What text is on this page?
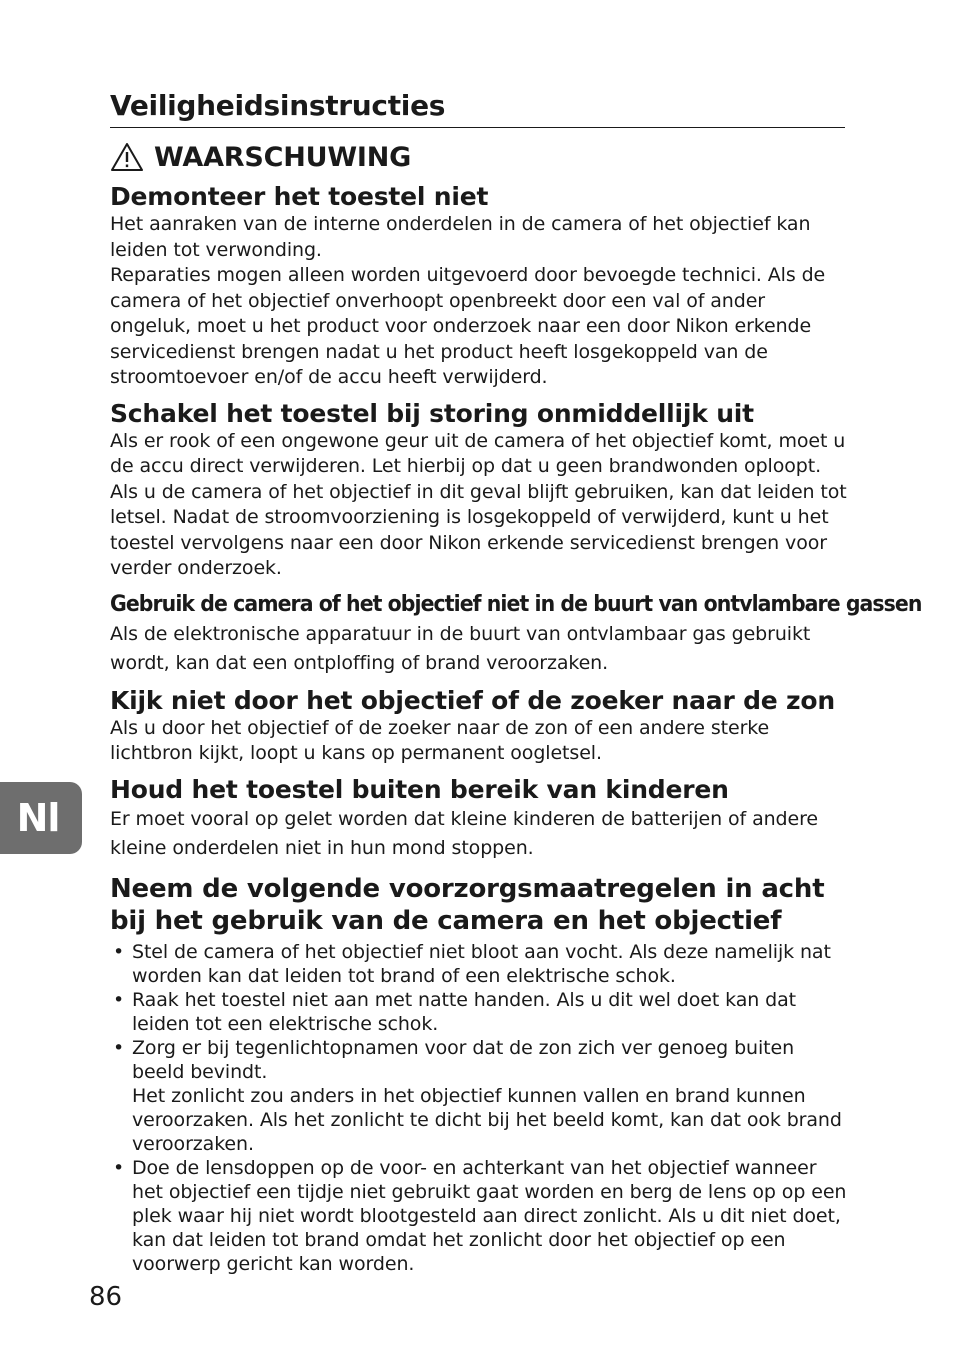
Veiligheidsinstructies
WAARSCHUWING
Demonteer het toestel niet

Het aanraken van de interne onderdelen in de camera of het objectief kan leiden tot verwonding.

Reparaties mogen alleen worden uitgevoerd door bevoegde technici. Als de camera of het objectief onverhoopt openbreekt door een val of ander ongeluk, moet u het product voor onderzoek naar een door Nikon erkende servicedienst brengen nadat u het product heeft losgekoppeld van de stroomtoevoer en/of de accu heeft verwijderd.

Schakel het toestel bij storing onmiddellijk uit

Als er rook of een ongewone geur uit de camera of het objectief komt, moet u de accu direct verwijderen. Let hierbij op dat u geen brandwonden oploopt. Als u de camera of het objectief in dit geval blijft gebruiken, kan dat leiden tot letsel. Nadat de stroomvoorziening is losgekoppeld of verwijderd, kunt u het toestel vervolgens naar een door Nikon erkende servicedienst brengen voor verder onderzoek.

Gebruik de camera of het objectief niet in de buurt van ontvlambare gassen

Als de elektronische apparatuur in de buurt van ontvlambaar gas gebruikt wordt, kan dat een ontploffing of brand veroorzaken.

Kijk niet door het objectief of de zoeker naar de zon

Als u door het objectief of de zoeker naar de zon of een andere sterke lichtbron kijkt, loopt u kans op permanent oogletsel.

Houd het toestel buiten bereik van kinderen

Er moet vooral op gelet worden dat kleine kinderen de batterijen of andere kleine onderdelen niet in hun mond stoppen.

Neem de volgende voorzorgsmaatregelen in acht bij het gebruik van de camera en het objectief
• Stel de camera of het objectief niet bloot aan vocht. Als deze namelijk nat worden kan dat leiden tot brand of een elektrische schok.
• Raak het toestel niet aan met natte handen. Als u dit wel doet kan dat leiden tot een elektrische schok.
• Zorg er bij tegenlichtopnamen voor dat de zon zich ver genoeg buiten beeld bevindt.
Het zonlicht zou anders in het objectief kunnen vallen en brand kunnen veroorzaken. Als het zonlicht te dicht bij het beeld komt, kan dat ook brand veroorzaken.
• Doe de lensdoppen op de voor- en achterkant van het objectief wanneer het objectief een tijdje niet gebruikt gaat worden en berg de lens op op een plek waar hij niet wordt blootgesteld aan direct zonlicht. Als u dit niet doet, kan dat leiden tot brand omdat het zonlicht door het objectief op een voorwerp gericht kan worden.
Nl
86
